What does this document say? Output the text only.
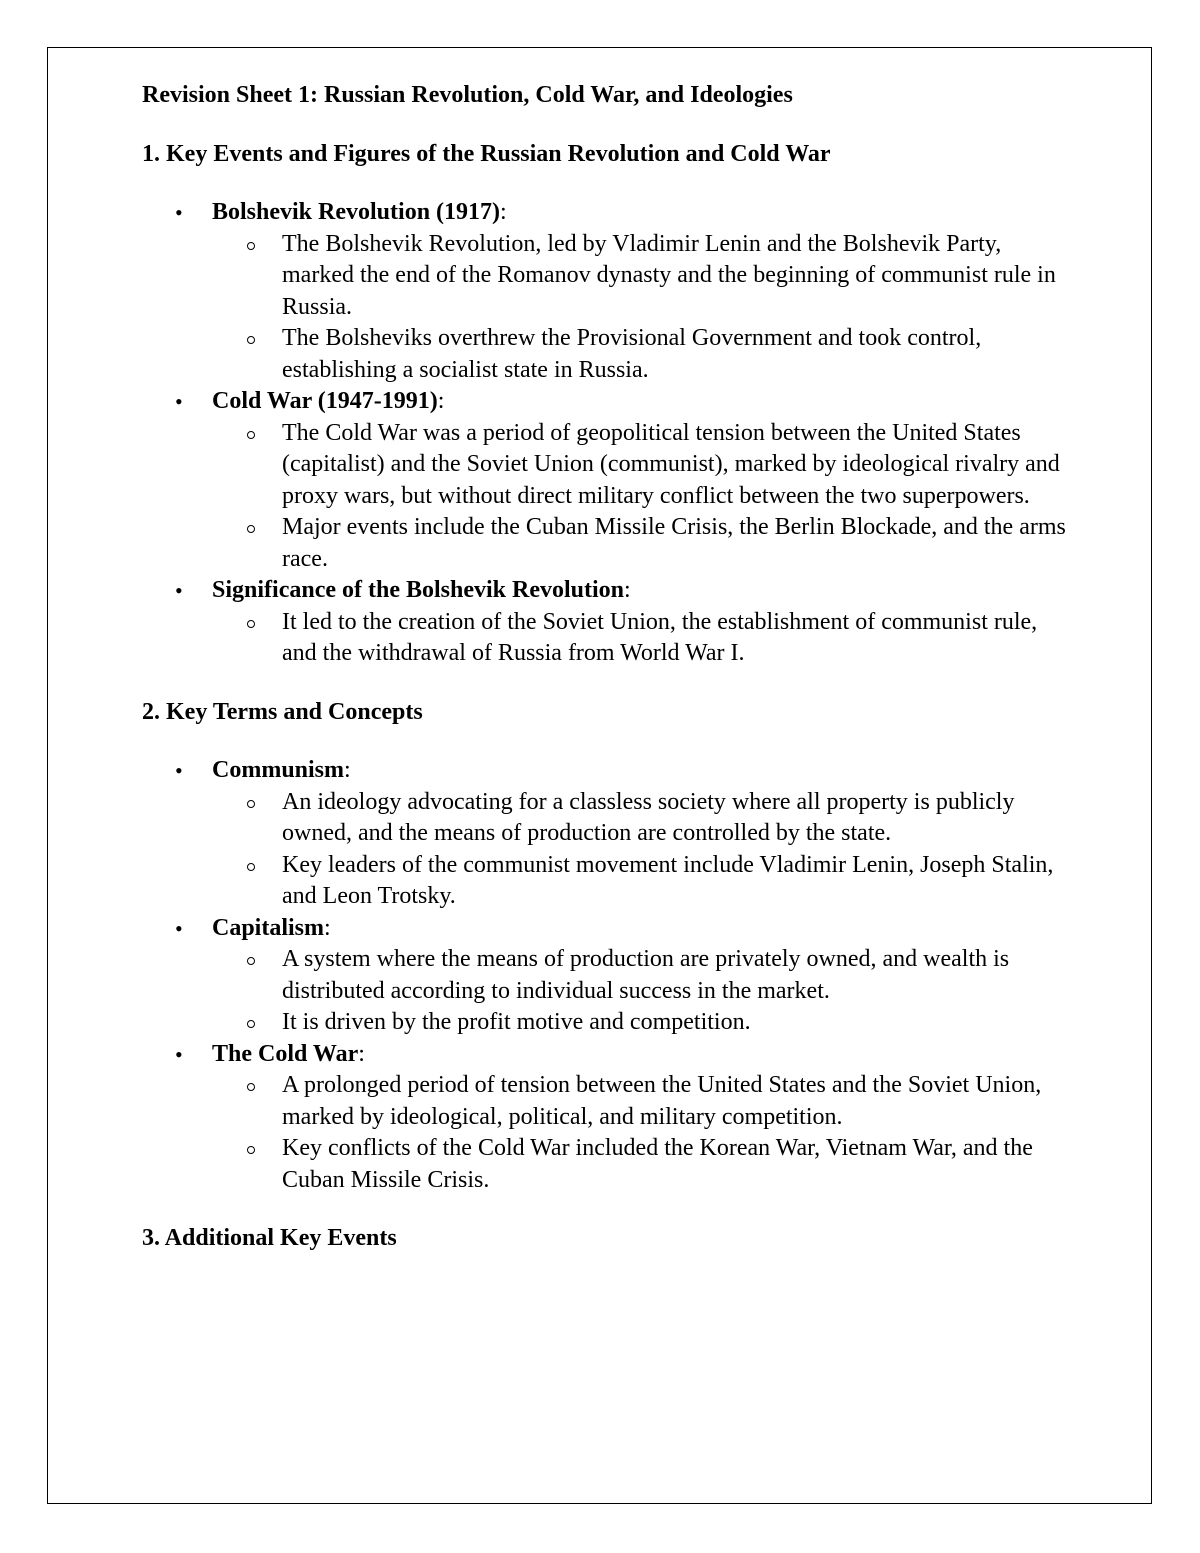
Revision Sheet 1: Russian Revolution, Cold War, and Ideologies
1. Key Events and Figures of the Russian Revolution and Cold War
• Bolshevik Revolution (1917):
The Bolshevik Revolution, led by Vladimir Lenin and the Bolshevik Party, marked the end of the Romanov dynasty and the beginning of communist rule in Russia.
The Bolsheviks overthrew the Provisional Government and took control, establishing a socialist state in Russia.
• Cold War (1947-1991):
The Cold War was a period of geopolitical tension between the United States (capitalist) and the Soviet Union (communist), marked by ideological rivalry and proxy wars, but without direct military conflict between the two superpowers.
Major events include the Cuban Missile Crisis, the Berlin Blockade, and the arms race.
• Significance of the Bolshevik Revolution:
It led to the creation of the Soviet Union, the establishment of communist rule, and the withdrawal of Russia from World War I.
2. Key Terms and Concepts
• Communism:
An ideology advocating for a classless society where all property is publicly owned, and the means of production are controlled by the state.
Key leaders of the communist movement include Vladimir Lenin, Joseph Stalin, and Leon Trotsky.
• Capitalism:
A system where the means of production are privately owned, and wealth is distributed according to individual success in the market.
It is driven by the profit motive and competition.
• The Cold War:
A prolonged period of tension between the United States and the Soviet Union, marked by ideological, political, and military competition.
Key conflicts of the Cold War included the Korean War, Vietnam War, and the Cuban Missile Crisis.
3. Additional Key Events
